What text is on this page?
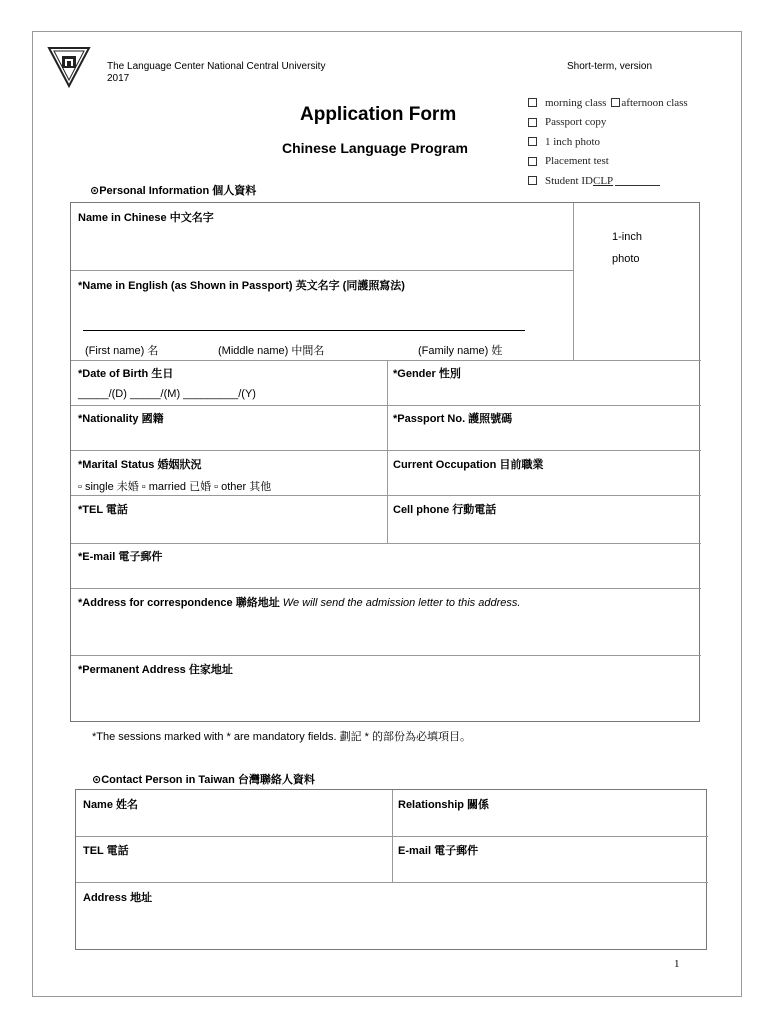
The Language Center National Central University
2017
Short-term, version
Application Form
Chinese Language Program
morning class afternoon class
Passport copy
1 inch photo
Placement test
Student ID CLP
⊙Personal Information 個人資料
1-inch
photo
Name in Chinese 中文名字
*Name in English (as Shown in Passport) 英文名字 (同護照寫法)
(First name) 名	(Middle name) 中間名	(Family name) 姓
*Date of Birth 生日
_____/(D) _____/(M) _________/(Y)
*Gender 性別
*Nationality 國籍	*Passport No. 護照號碼
*Marital Status 婚姻狀況
▫ single 未婚 ▫ married 已婚 ▫ other 其他
Current Occupation 目前職業
*TEL 電話	Cell phone 行動電話
*E-mail 電子郵件
*Address for correspondence 聯絡地址 We will send the admission letter to this address.
*Permanent Address 住家地址
*The sessions marked with * are mandatory fields. 劃記 * 的部份為必填項目。
⊙Contact Person in Taiwan 台灣聯絡人資料
Name 姓名	Relationship 關係
TEL 電話	E-mail 電子郵件
Address 地址
1
